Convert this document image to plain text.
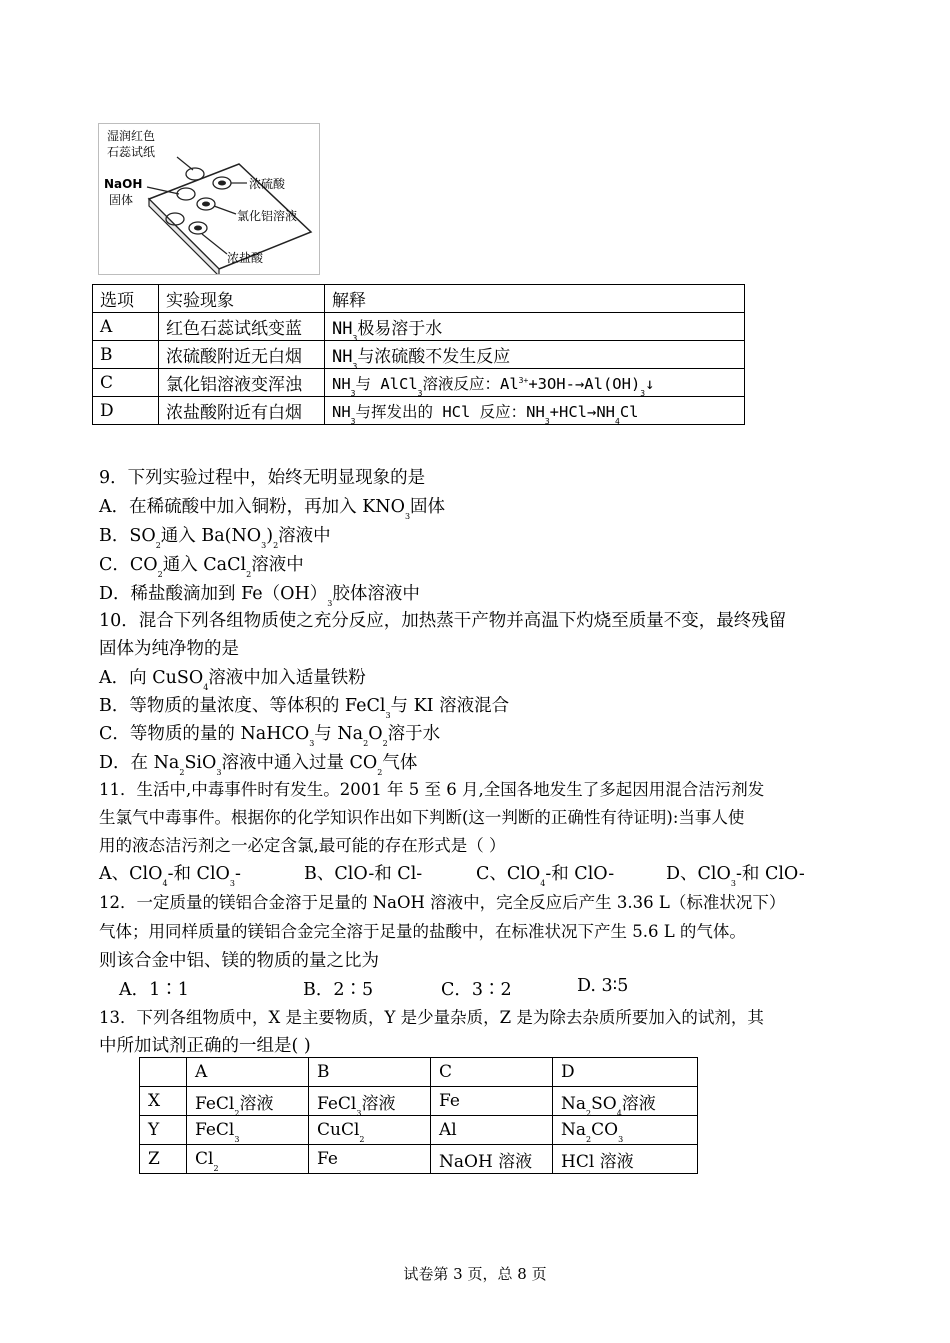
湿润红色
石蕊试纸
NaOH
固体
浓硫酸
氯化铝溶液
浓盐酸
选项	实验现象	解释
A	红色石蕊试纸变蓝	$NH_3$极易溶于水
B	浓硫酸附近无白烟	$NH_3$与浓硫酸不发生反应
C	氯化铝溶液变浑浊	$NH_3$与 AlCl$_3$溶液反应：$Al^{3+}+3OH-\to Al(OH)_3↓$
D	浓盐酸附近有白烟	$NH_3$与挥发出的 HCl 反应：$NH_3+HCl\to NH_4Cl$
9．下列实验过程中，始终无明显现象的是
A．在稀硫酸中加入铜粉，再加入 $KNO_3$固体
B．$SO_2$通入 $Ba(NO_3)_2$溶液中
C．$CO_2$通入 CaCl$_2$溶液中
D．稀盐酸滴加到 $Fe(OH)_3$胶体溶液中
10．混合下列各组物质使之充分反应，加热蒸干产物并高温下灼烧至质量不变，最终残留
固体为纯净物的是
A．向 CuSO$_4$溶液中加入适量铁粉
B．等物质的量浓度、等体积的 FeCl$_3$与 KI 溶液混合
C．等物质的量的 NaHCO$_3$与 $Na_2O_2$溶于水
D．在 $Na_2SiO_3$溶液中通入过量 $CO_2$气体
11．生活中,中毒事件时有发生。2001 年 5 至 6 月,全国各地发生了多起因用混合洁污剂发
生氯气中毒事件。根据你的化学知识作出如下判断(这一判断的正确性有待证明):当事人使
用的液态洁污剂之一必定含氯,最可能的存在形式是（ ）
A、ClO$_4$-和 ClO$_3$-	B、ClO-和 Cl-	C、ClO$_4$-和 ClO-	D、ClO$_3$-和 ClO-
12．一定质量的镁铝合金溶于足量的 NaOH 溶液中，完全反应后产生 3.36 L（标准状况下）
气体；用同样质量的镁铝合金完全溶于足量的盐酸中，在标准状况下产生 5.6 L 的气体。
则该合金中铝、镁的物质的量之比为
A．1∶1	B．2∶5	C．3∶2	D. 3∶5
13．下列各组物质中，X 是主要物质，Y 是少量杂质，Z 是为除去杂质所要加入的试剂，其
中所加试剂正确的一组是( )
	A	B	C	D
X	FeCl$_2$溶液	FeCl$_3$溶液	Fe	$Na_2SO_4$溶液
Y	FeCl$_3$	CuCl$_2$	Al	$Na_2CO_3$
Z	$Cl_2$	Fe	NaOH 溶液	HCl 溶液
试卷第 3 页，总 8 页
